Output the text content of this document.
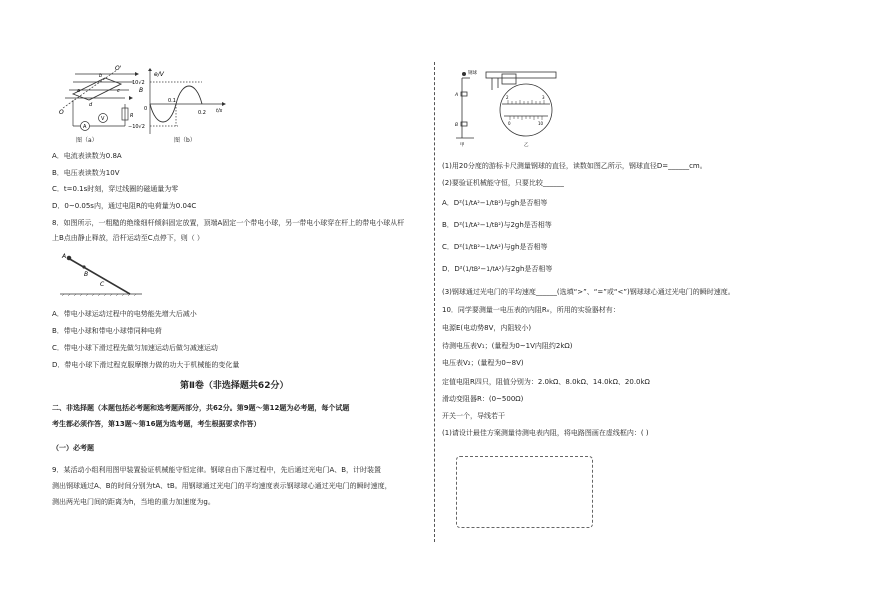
O'
O
a
b
c
d
B
A
V	R
图（a）
e/V
t/s
10√2
−10√2
0.1
0.2
0
图（b）
A．电流表读数为0.8A
B．电压表读数为10V
C．t=0.1s时刻，穿过线圈的磁通量为零
D．0~0.05s内，通过电阻R的电荷量为0.04C
8．如图所示，一粗糙的绝缘细杆倾斜固定放置，顶端A固定一个带电小球，另一带电小球穿在杆上的带电小球从杆
上B点由静止释放，沿杆运动至C点停下，则（ ）
A
B
C
A．带电小球运动过程中的电势能先增大后减小
B．带电小球和带电小球带同种电荷
C．带电小球下滑过程先做匀加速运动后做匀减速运动
D．带电小球下滑过程克服摩擦力做的功大于机械能的变化量
第Ⅱ卷（非选择题共62分）
二、非选择题（本题包括必考题和选考题两部分，共62分。第9题～第12题为必考题，每个试题
考生都必须作答，第13题～第16题为选考题，考生根据要求作答）
（一）必考题
9．某活动小组利用图甲装置验证机械能守恒定律。钢球自由下落过程中，先后通过光电门A、B，计时装置
测出钢球通过A、B的时间分别为tA、tB。用钢球通过光电门的平均速度表示钢球球心通过光电门的瞬时速度，
测出两光电门间的距离为h，当地的重力加速度为g。
钢球
A
B
甲	乙
2	3
0	10
(1)用20分度的游标卡尺测量钢球的直径，读数如图乙所示，钢球直径D=______cm。
(2)要验证机械能守恒，只要比较______
A．D²(1/tA²−1/tB²)与gh是否相等
B．D²(1/tA²−1/tB²)与2gh是否相等
C．D²(1/tB²−1/tA²)与gh是否相等
D．D²(1/tB²−1/tA²)与2gh是否相等
(3)钢球通过光电门的平均速度______(选填“>”、“=”或“<”)钢球球心通过光电门的瞬时速度。
10．同学要测量一电压表的内阻Rᵥ，所用的实验器材有：
电源E(电动势8V，内阻较小)
待测电压表V₁；(量程为0~1V内阻约2kΩ)
电压表V₂；(量程为0~8V)
定值电阻R四只，阻值分别为：2.0kΩ、8.0kΩ、14.0kΩ、20.0kΩ
滑动变阻器R：(0~500Ω)
开关一个，导线若干
(1)请设计最佳方案测量待测电表内阻，将电路图画在虚线框内：( )
